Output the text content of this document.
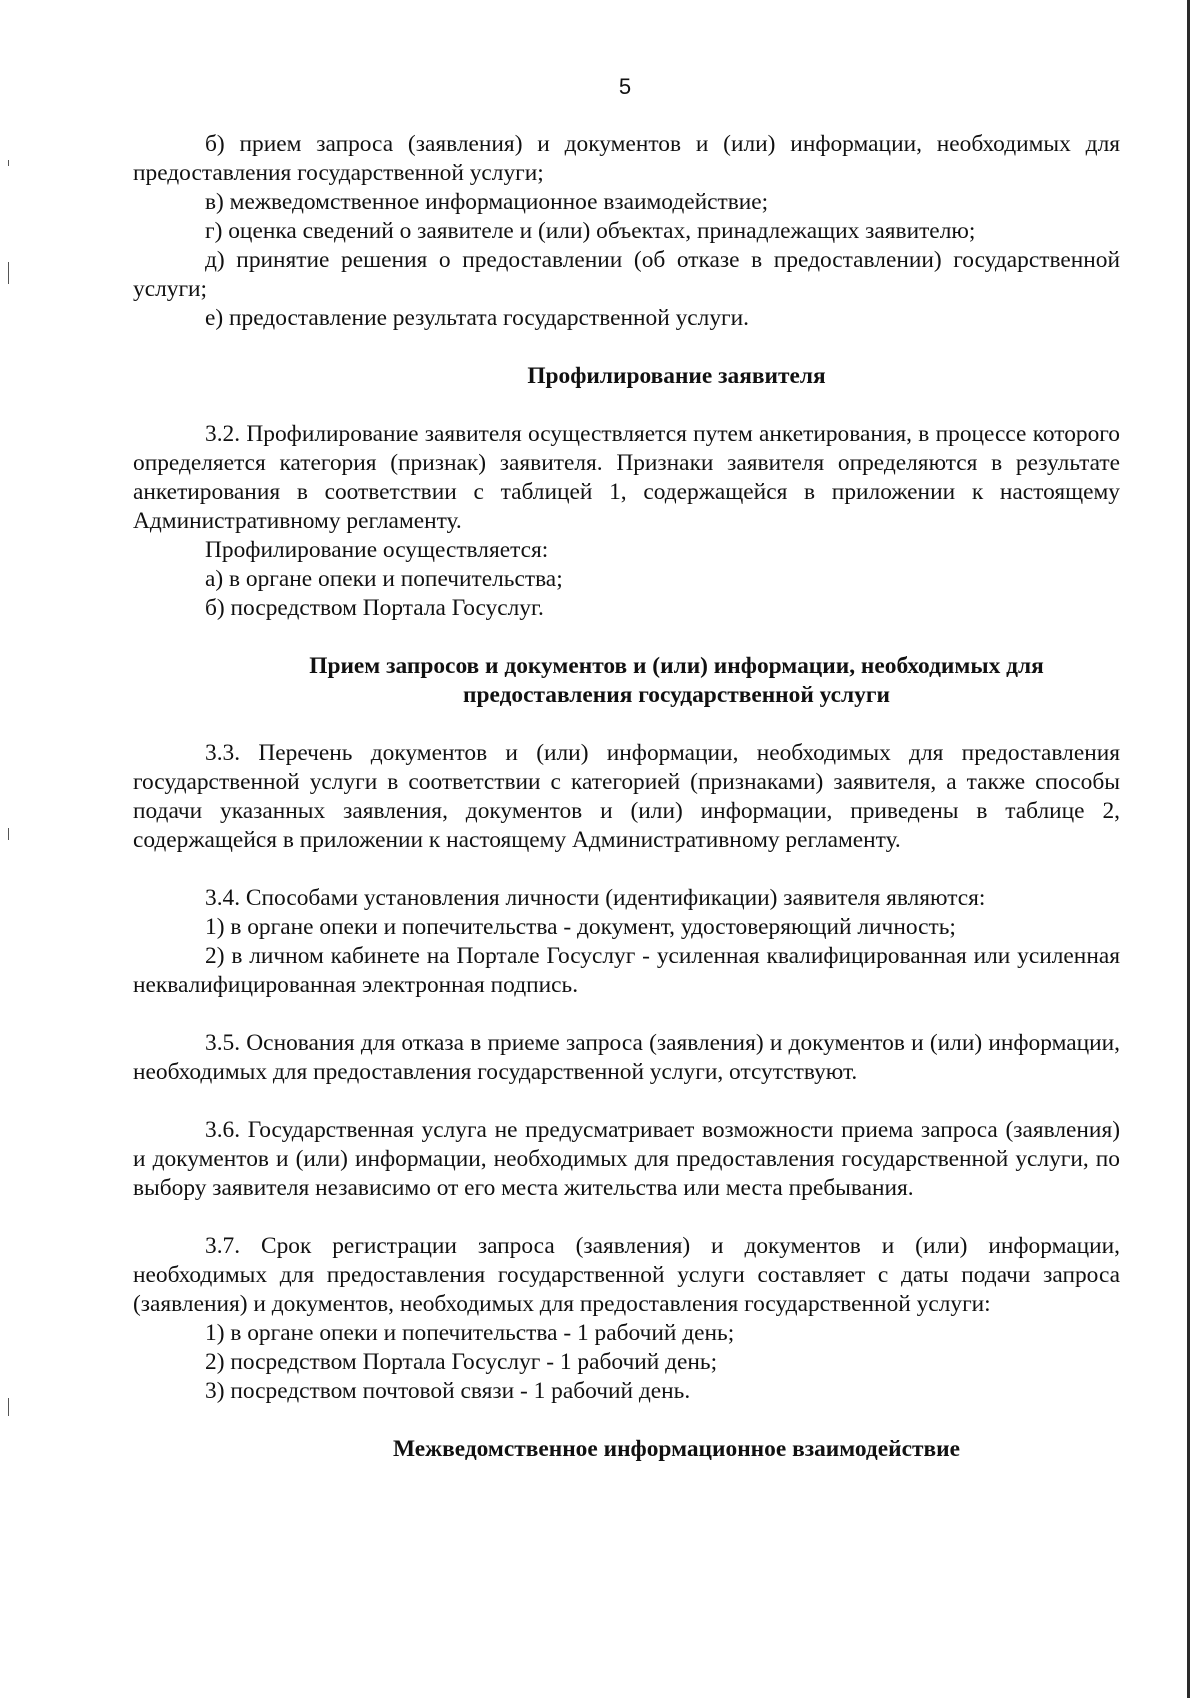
5

б) прием запроса (заявления) и документов и (или) информации, необходимых для предоставления государственной услуги;

в) межведомственное информационное взаимодействие;

г) оценка сведений о заявителе и (или) объектах, принадлежащих заявителю;

д) принятие решения о предоставлении (об отказе в предоставлении) государственной услуги;

е) предоставление результата государственной услуги.

Профилирование заявителя

3.2. Профилирование заявителя осуществляется путем анкетирования, в процессе которого определяется категория (признак) заявителя. Признаки заявителя определяются в результате анкетирования в соответствии с таблицей 1, содержащейся в приложении к настоящему Административному регламенту.

Профилирование осуществляется:

а) в органе опеки и попечительства;

б) посредством Портала Госуслуг.

Прием запросов и документов и (или) информации, необходимых для предоставления государственной услуги

3.3. Перечень документов и (или) информации, необходимых для предоставления государственной услуги в соответствии с категорией (признаками) заявителя, а также способы подачи указанных заявления, документов и (или) информации, приведены в таблице 2, содержащейся в приложении к настоящему Административному регламенту.

3.4. Способами установления личности (идентификации) заявителя являются:

1) в органе опеки и попечительства - документ, удостоверяющий личность;

2) в личном кабинете на Портале Госуслуг - усиленная квалифицированная или усиленная неквалифицированная электронная подпись.

3.5. Основания для отказа в приеме запроса (заявления) и документов и (или) информации, необходимых для предоставления государственной услуги, отсутствуют.

3.6. Государственная услуга не предусматривает возможности приема запроса (заявления) и документов и (или) информации, необходимых для предоставления государственной услуги, по выбору заявителя независимо от его места жительства или места пребывания.

3.7. Срок регистрации запроса (заявления) и документов и (или) информации, необходимых для предоставления государственной услуги составляет с даты подачи запроса (заявления) и документов, необходимых для предоставления государственной услуги:

1) в органе опеки и попечительства - 1 рабочий день;

2) посредством Портала Госуслуг - 1 рабочий день;

3) посредством почтовой связи - 1 рабочий день.

Межведомственное информационное взаимодействие
